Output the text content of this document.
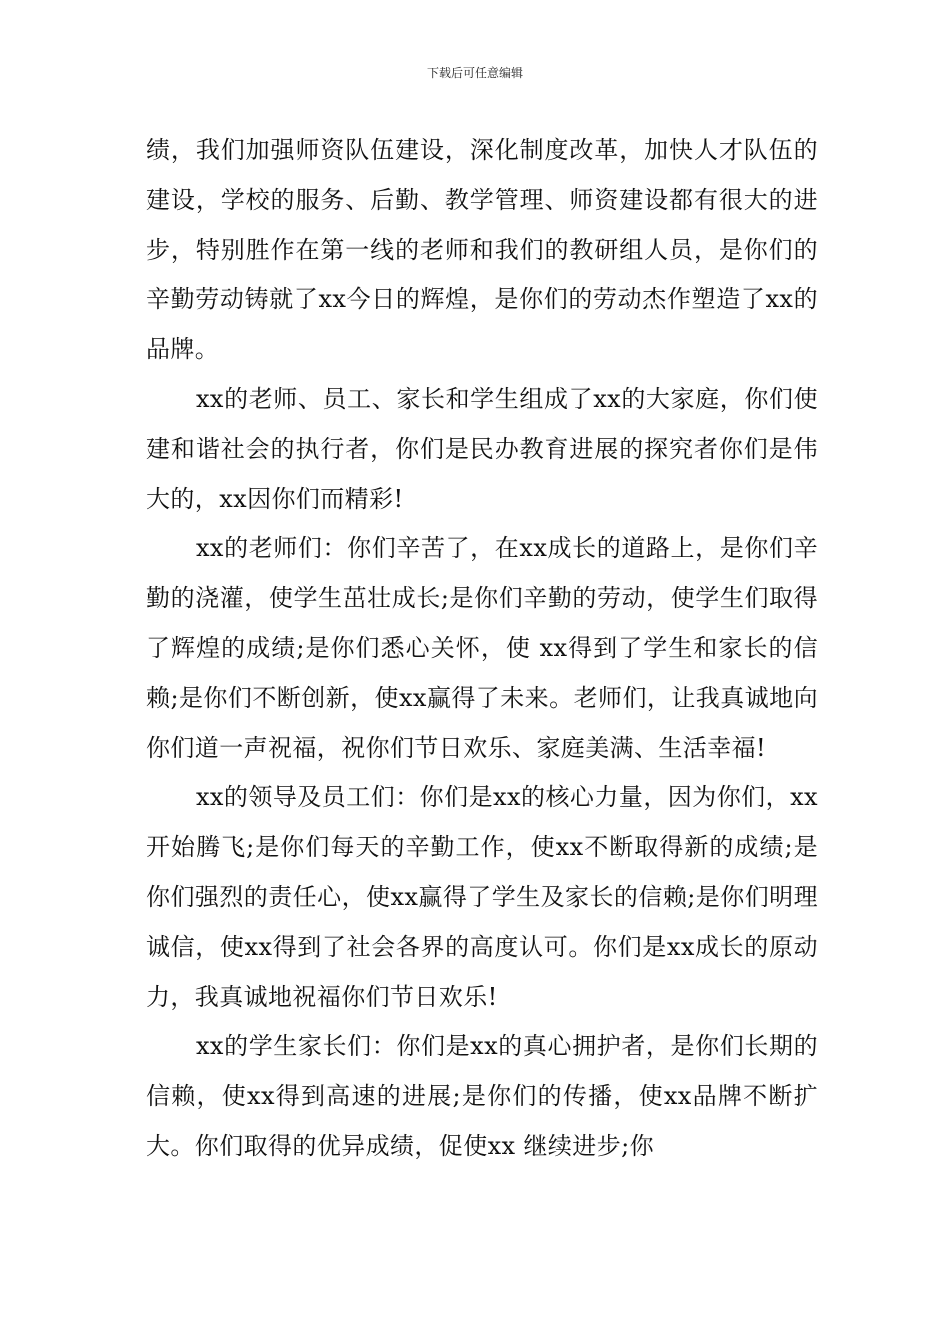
下载后可任意编辑

绩，我们加强师资队伍建设，深化制度改革，加快人才队伍的建设，学校的服务、后勤、教学管理、师资建设都有很大的进步，特别胜作在第一线的老师和我们的教研组人员，是你们的辛勤劳动铸就了xx今日的辉煌，是你们的劳动杰作塑造了xx的品牌。

xx的老师、员工、家长和学生组成了xx的大家庭，你们使建和谐社会的执行者，你们是民办教育进展的探究者你们是伟大的，xx因你们而精彩!

xx的老师们：你们辛苦了，在xx成长的道路上，是你们辛勤的浇灌，使学生茁壮成长;是你们辛勤的劳动，使学生们取得了辉煌的成绩;是你们悉心关怀，使 xx得到了学生和家长的信赖;是你们不断创新，使xx赢得了未来。老师们，让我真诚地向你们道一声祝福，祝你们节日欢乐、家庭美满、生活幸福!

xx的领导及员工们：你们是xx的核心力量，因为你们，xx开始腾飞;是你们每天的辛勤工作，使xx不断取得新的成绩;是你们强烈的责任心，使xx赢得了学生及家长的信赖;是你们明理诚信，使xx得到了社会各界的高度认可。你们是xx成长的原动力，我真诚地祝福你们节日欢乐!

xx的学生家长们：你们是xx的真心拥护者，是你们长期的信赖，使xx得到高速的进展;是你们的传播，使xx品牌不断扩大。你们取得的优异成绩，促使xx 继续进步;你
